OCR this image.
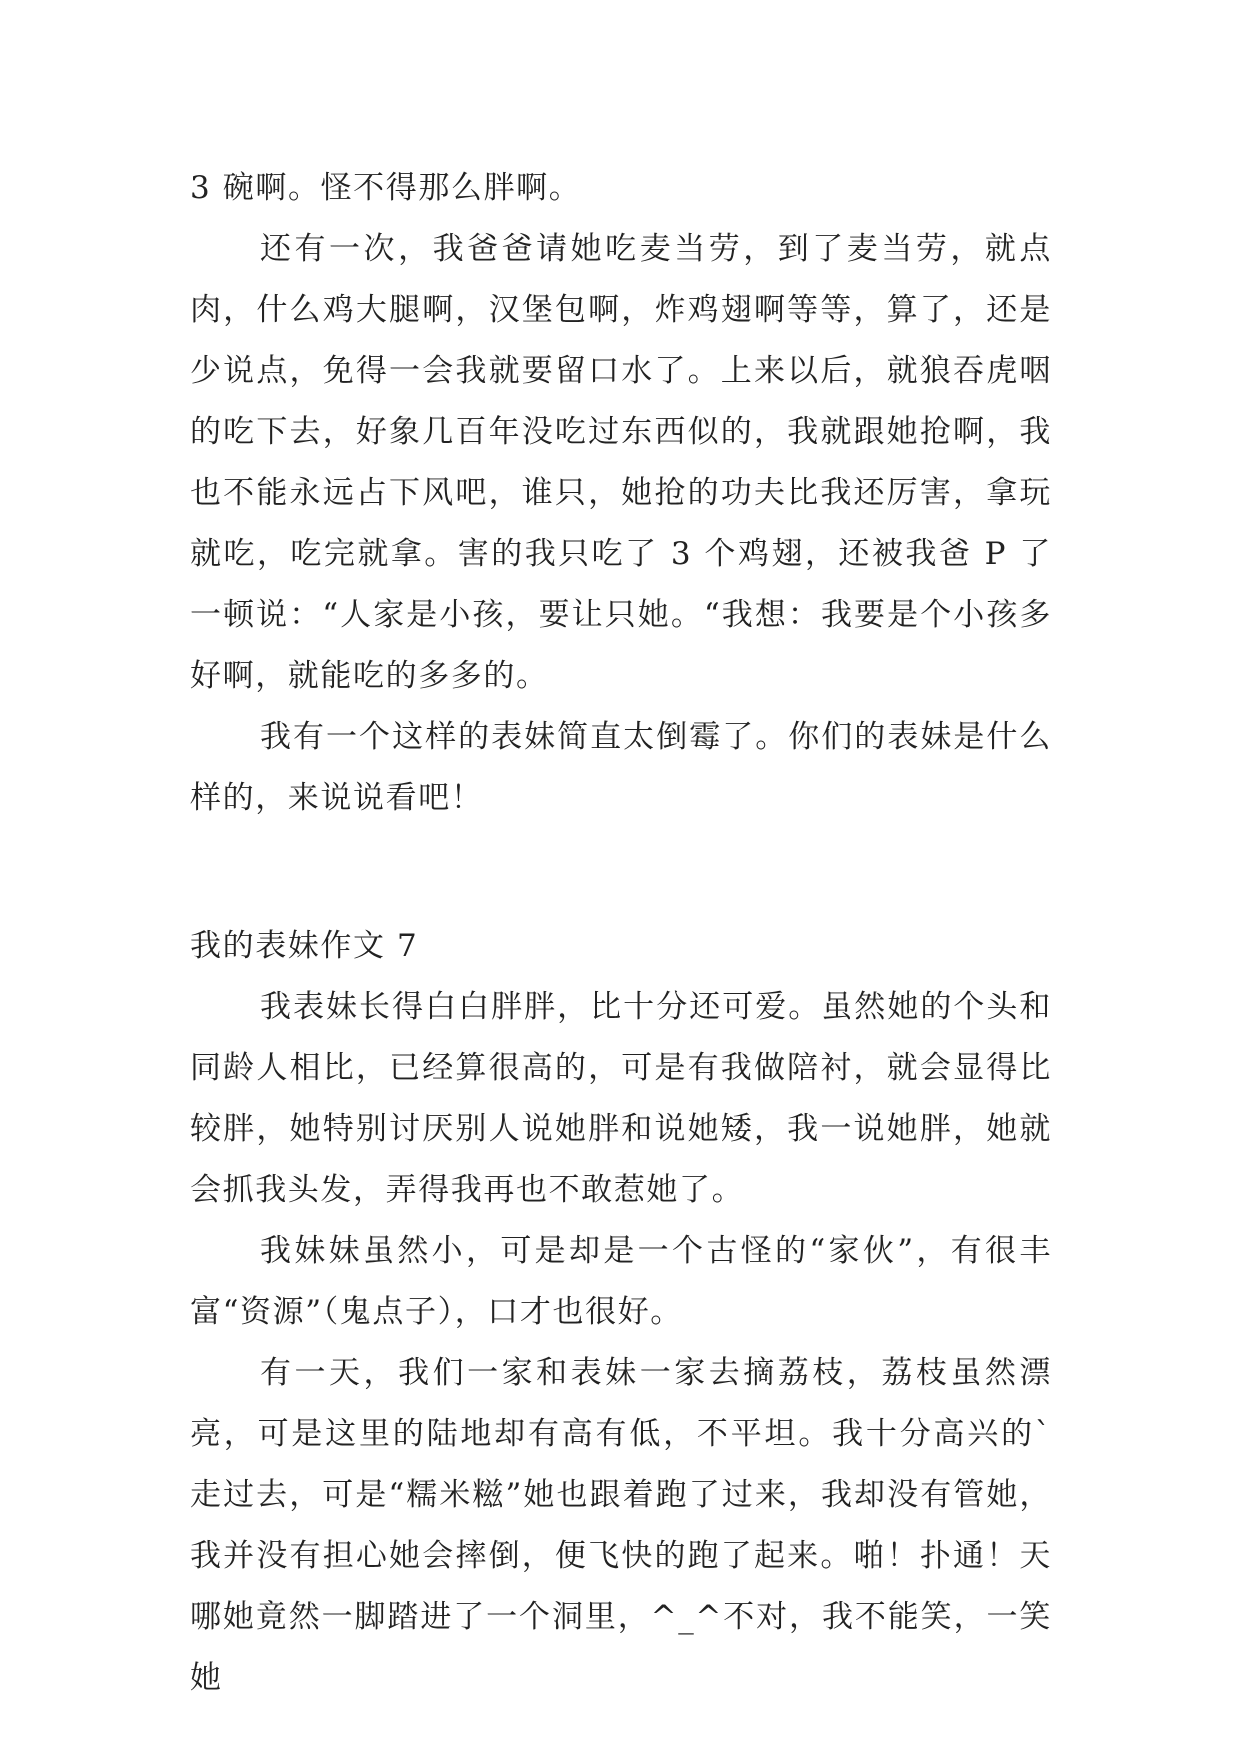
3 碗啊。怪不得那么胖啊。

还有一次，我爸爸请她吃麦当劳，到了麦当劳，就点肉，什么鸡大腿啊，汉堡包啊，炸鸡翅啊等等，算了，还是少说点，免得一会我就要留口水了。上来以后，就狼吞虎咽的吃下去，好象几百年没吃过东西似的，我就跟她抢啊，我也不能永远占下风吧，谁只，她抢的功夫比我还厉害，拿玩就吃，吃完就拿。害的我只吃了 3 个鸡翅，还被我爸 P 了一顿说：“人家是小孩，要让只她。“我想：我要是个小孩多好啊，就能吃的多多的。

我有一个这样的表妹简直太倒霉了。你们的表妹是什么样的，来说说看吧！

我的表妹作文 7

我表妹长得白白胖胖，比十分还可爱。虽然她的个头和同龄人相比，已经算很高的，可是有我做陪衬，就会显得比较胖，她特别讨厌别人说她胖和说她矮，我一说她胖，她就会抓我头发，弄得我再也不敢惹她了。

我妹妹虽然小，可是却是一个古怪的“家伙”，有很丰富“资源”（鬼点子），口才也很好。

有一天，我们一家和表妹一家去摘荔枝，荔枝虽然漂亮，可是这里的陆地却有高有低，不平坦。我十分高兴的`走过去，可是“糯米糍”她也跟着跑了过来，我却没有管她，我并没有担心她会摔倒，便飞快的跑了起来。啪！扑通！天哪她竟然一脚踏进了一个洞里，^_^不对，我不能笑，一笑她
